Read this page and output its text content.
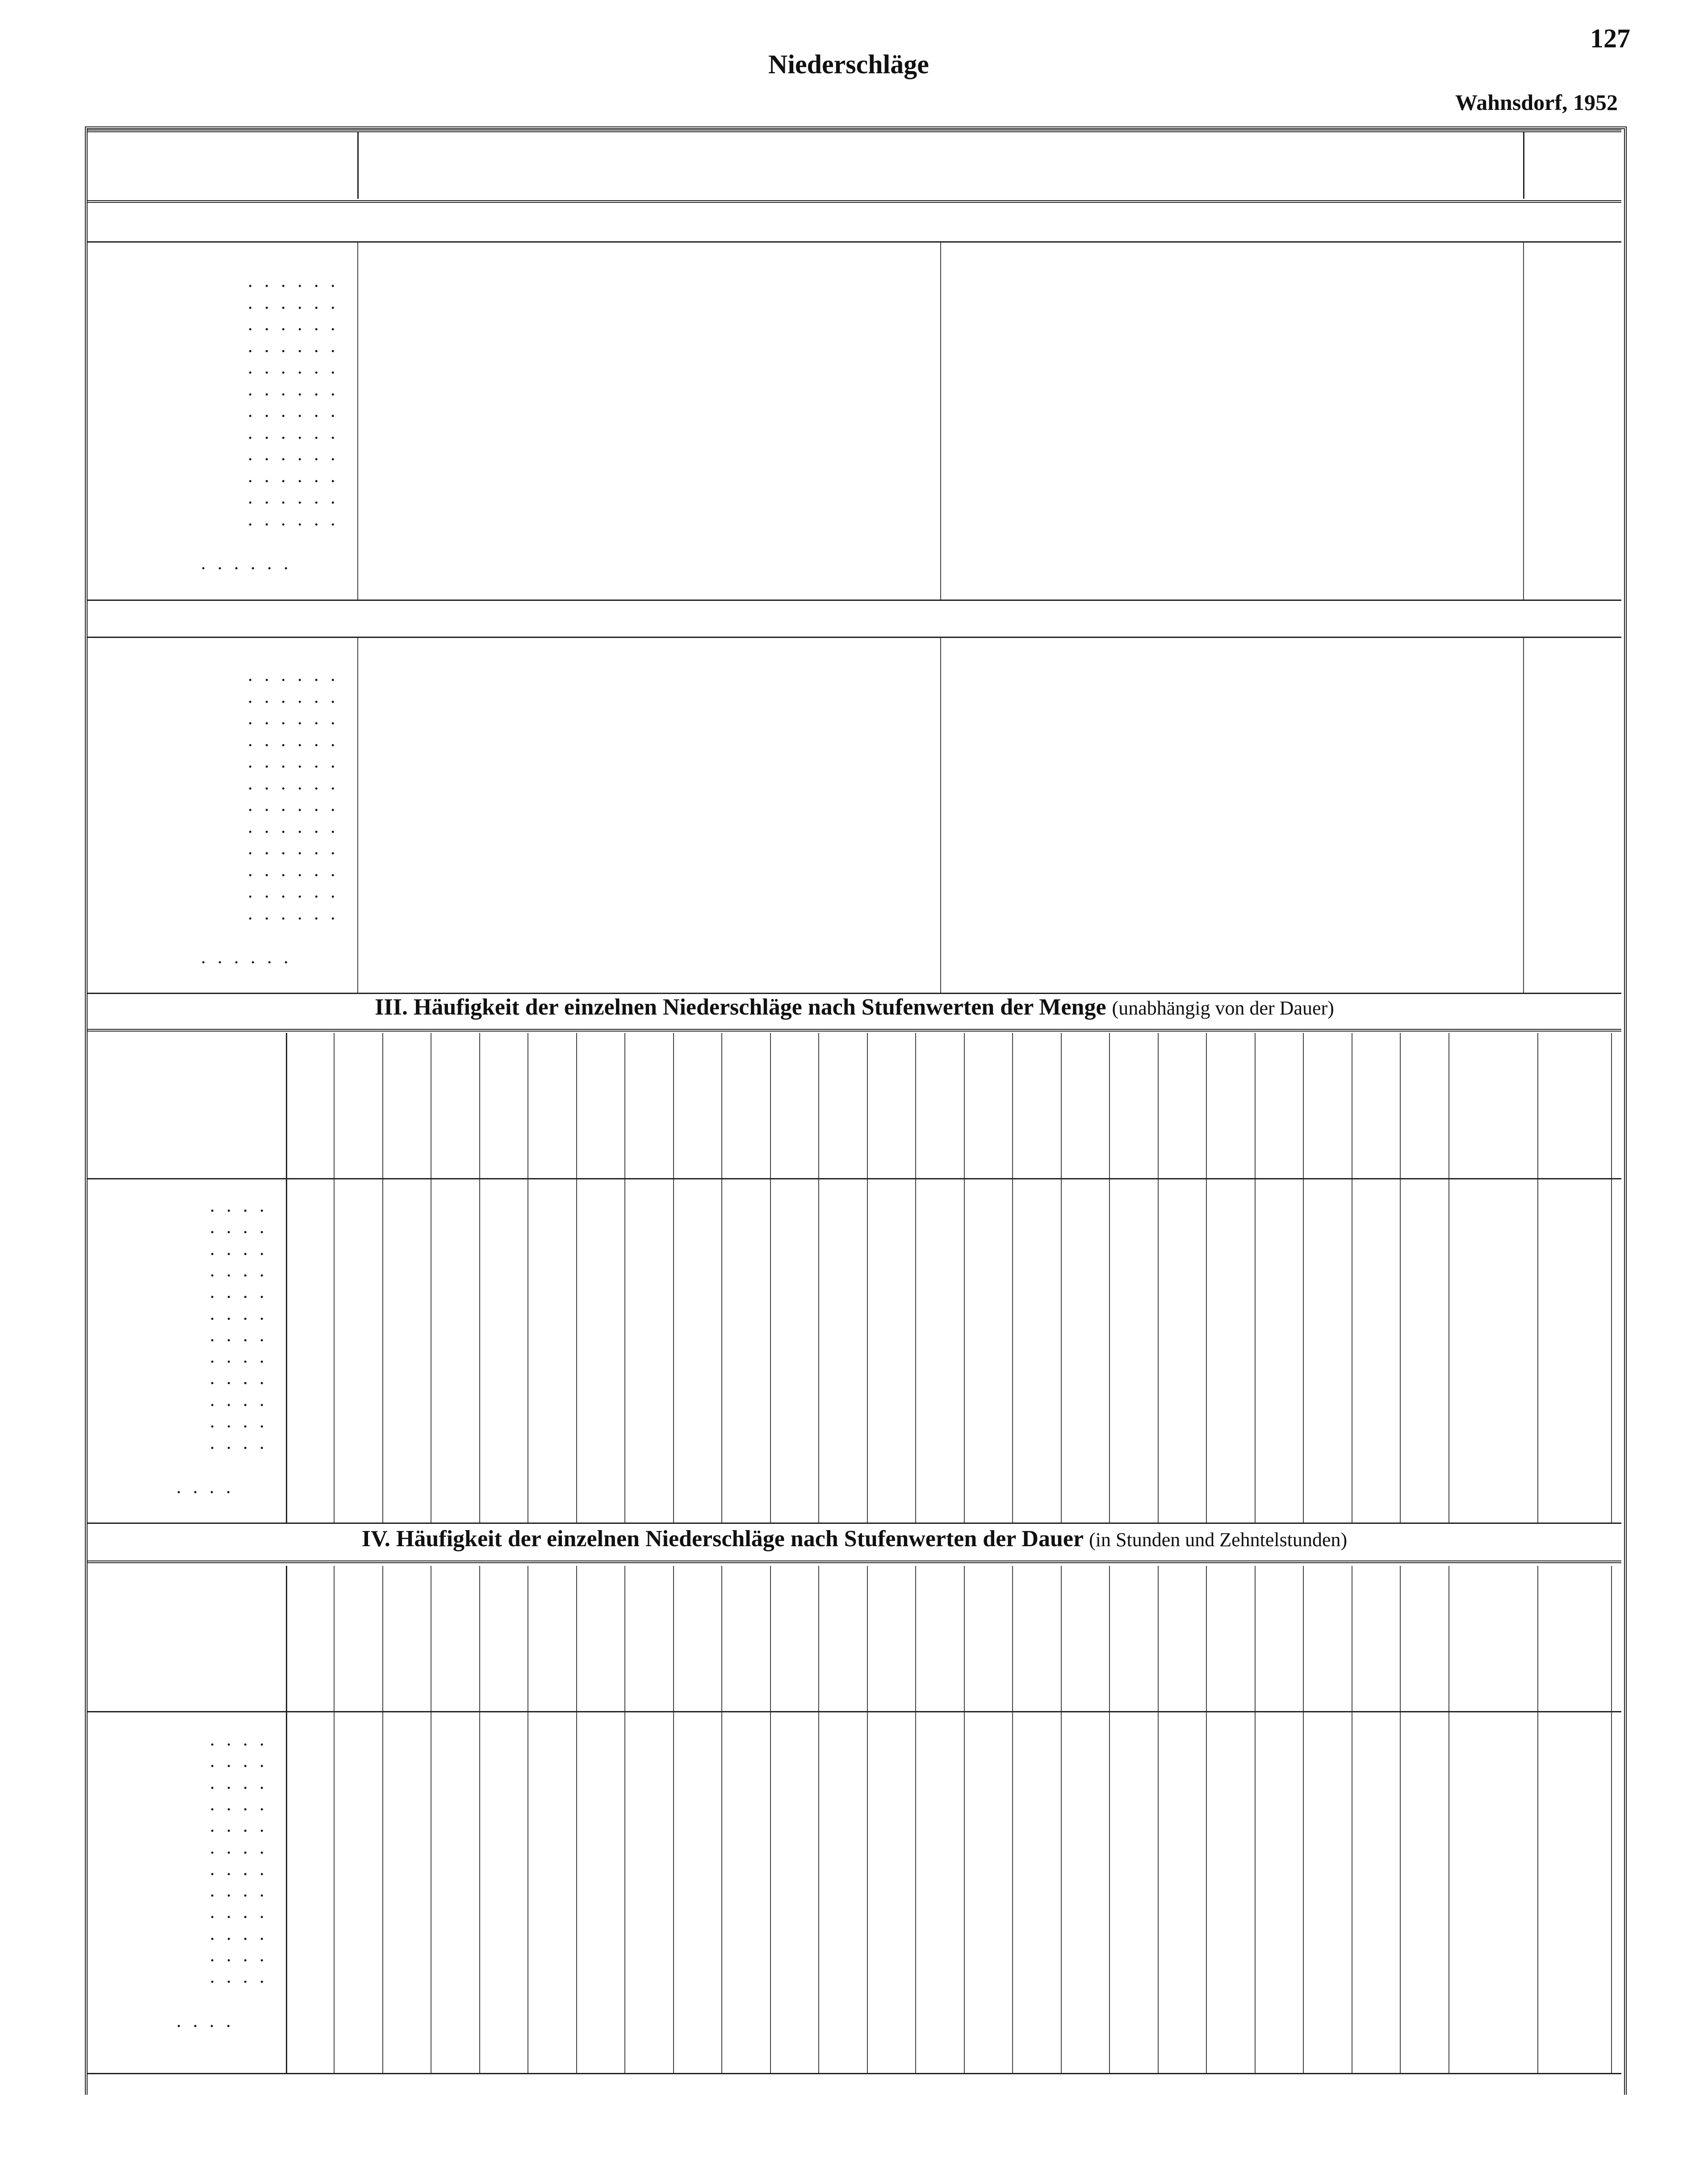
Niederschläge
127
Wahnsdorf, 1952
. . . . . .
. . . . . .
. . . . . .
. . . . . .
. . . . . .
. . . . . .
. . . . . .
. . . . . .
. . . . . .
. . . . . .
. . . . . .
. . . . . .
. . . . . .
. . . . . .
. . . . . .
. . . . . .
. . . . . .
. . . . . .
. . . . . .
. . . . . .
. . . . . .
. . . . . .
. . . . . .
. . . . . .
. . . . . .
. . . . . .
III. Häufigkeit der einzelnen Niederschläge nach Stufenwerten der Menge (unabhängig von der Dauer)
. . . .
. . . .
. . . .
. . . .
. . . .
. . . .
. . . .
. . . .
. . . .
. . . .
. . . .
. . . .
. . . .
IV. Häufigkeit der einzelnen Niederschläge nach Stufenwerten der Dauer (in Stunden und Zehntelstunden)
. . . .
. . . .
. . . .
. . . .
. . . .
. . . .
. . . .
. . . .
. . . .
. . . .
. . . .
. . . .
. . . .
